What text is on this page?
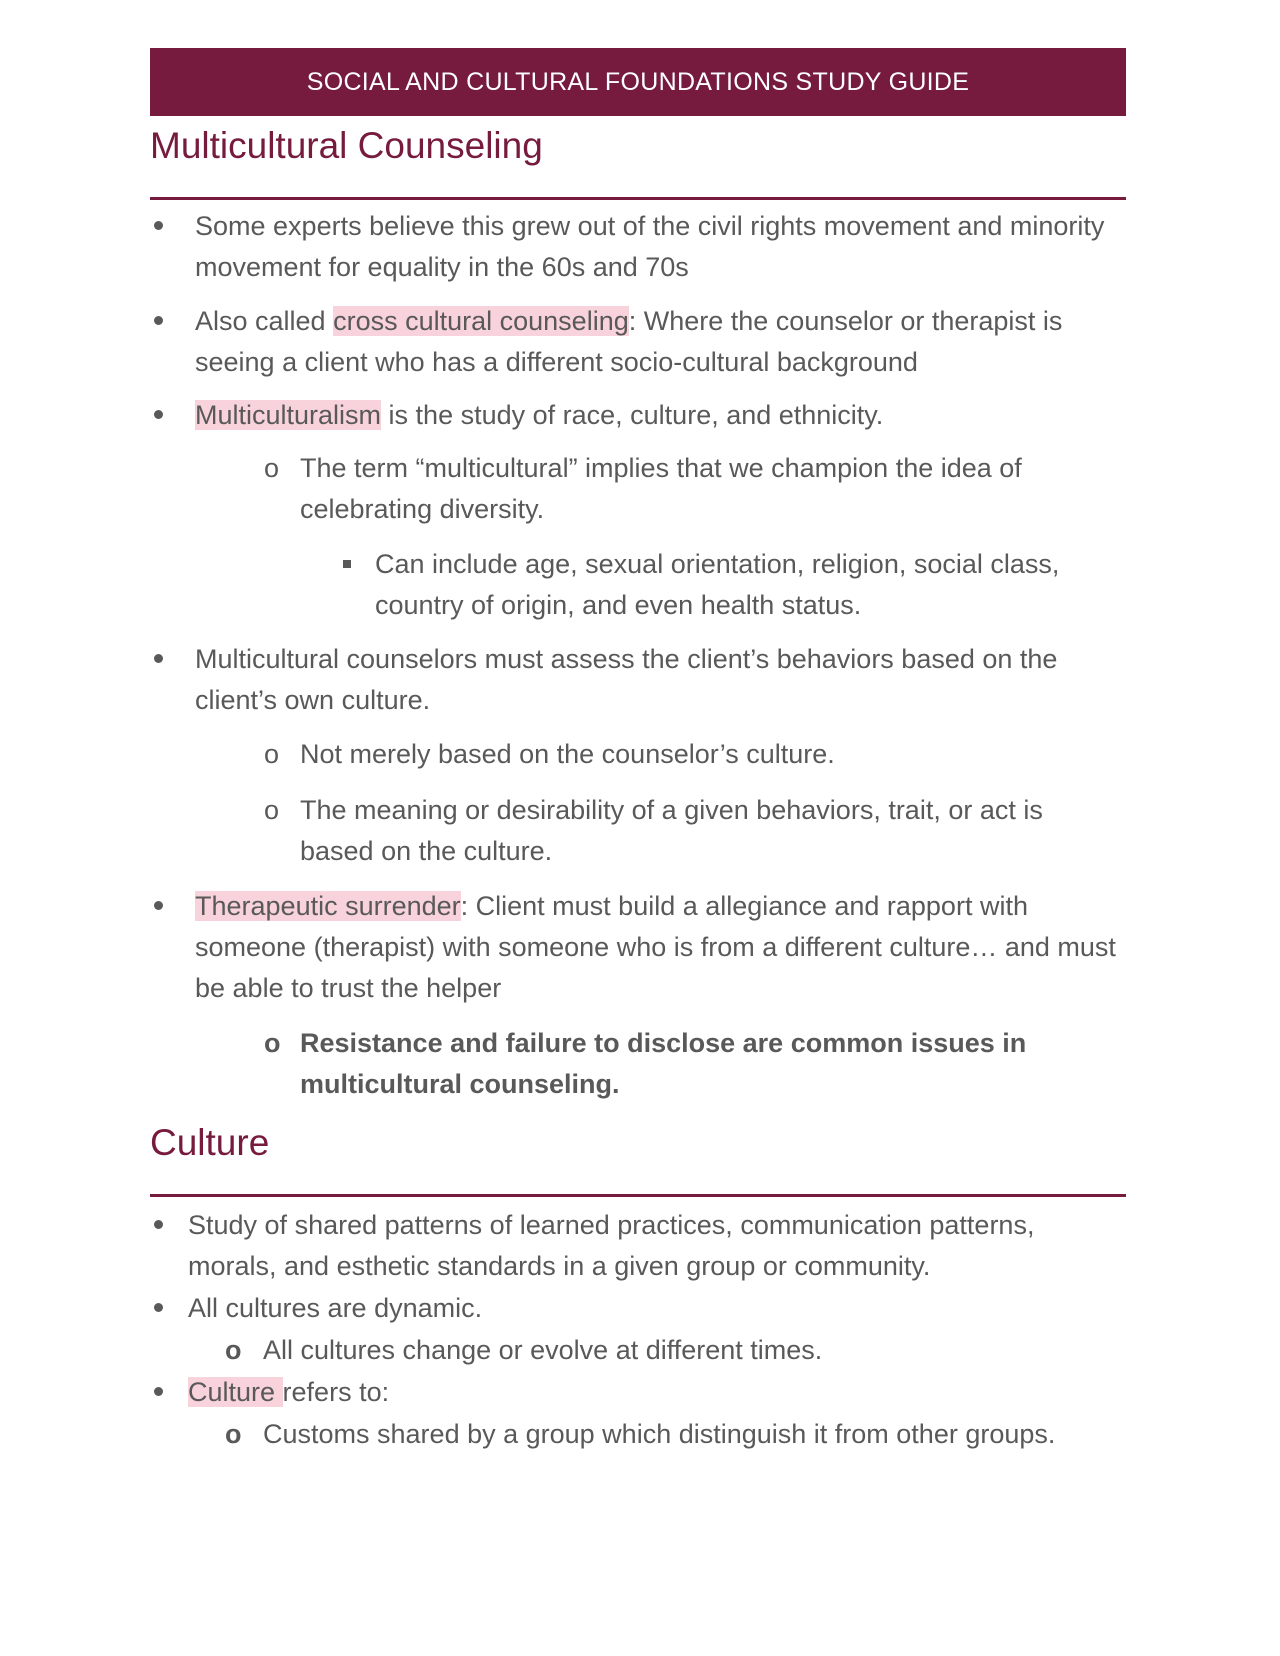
SOCIAL AND CULTURAL FOUNDATIONS STUDY GUIDE
Multicultural Counseling
Some experts believe this grew out of the civil rights movement and minority movement for equality in the 60s and 70s
Also called cross cultural counseling: Where the counselor or therapist is seeing a client who has a different socio-cultural background
Multiculturalism is the study of race, culture, and ethnicity.
o The term “multicultural” implies that we champion the idea of celebrating diversity.
Can include age, sexual orientation, religion, social class, country of origin, and even health status.
Multicultural counselors must assess the client’s behaviors based on the client’s own culture.
o Not merely based on the counselor’s culture.
o The meaning or desirability of a given behaviors, trait, or act is based on the culture.
Therapeutic surrender: Client must build a allegiance and rapport with someone (therapist) with someone who is from a different culture… and must be able to trust the helper
o Resistance and failure to disclose are common issues in multicultural counseling.
Culture
Study of shared patterns of learned practices, communication patterns, morals, and esthetic standards in a given group or community.
All cultures are dynamic.
o All cultures change or evolve at different times.
Culture refers to:
o Customs shared by a group which distinguish it from other groups.
